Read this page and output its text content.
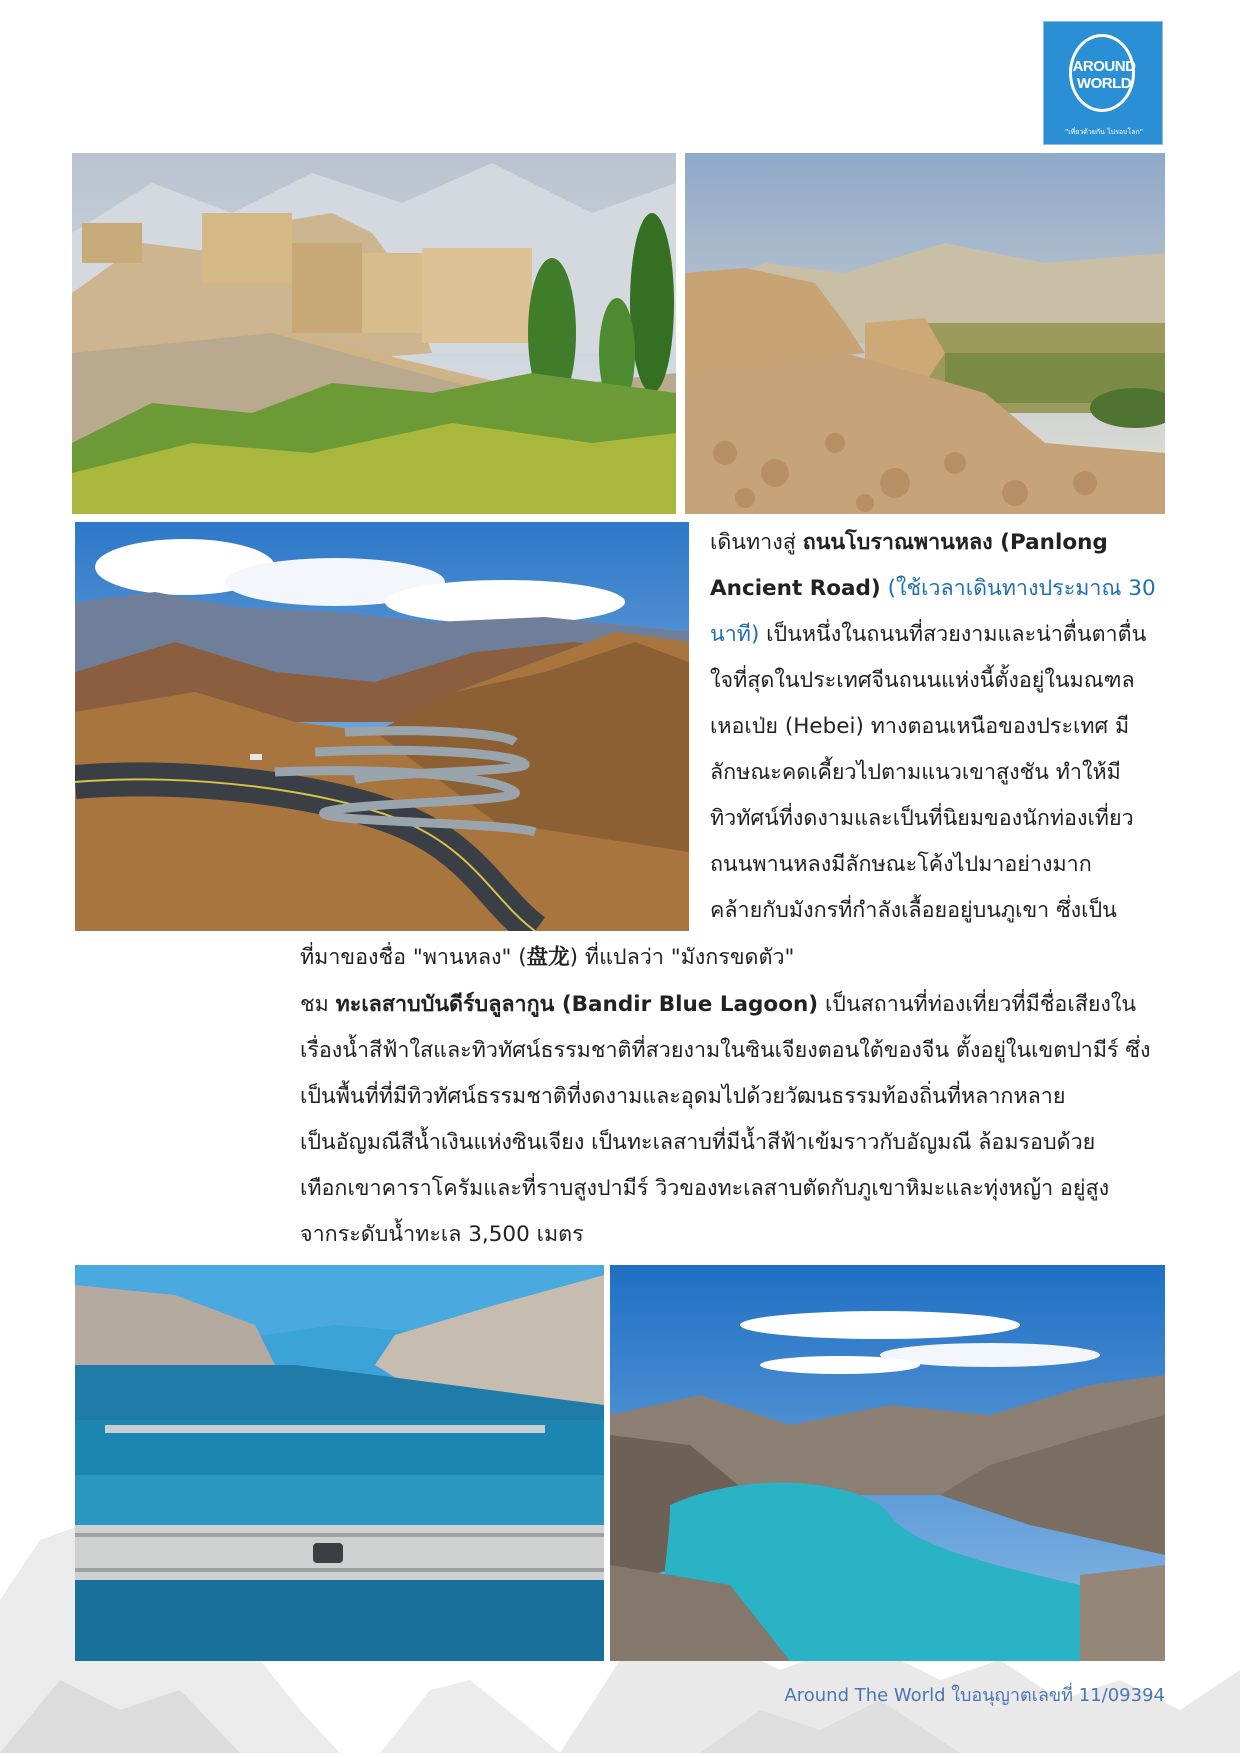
AROUND
WORLD
"เที่ยวด้วยกัน ไปรอบโลก"
เดินทางสู่ ถนนโบราณพานหลง (Panlong
Ancient Road) (ใช้เวลาเดินทางประมาณ 30
นาที) เป็นหนึ่งในถนนที่สวยงามและน่าตื่นตาตื่น
ใจที่สุดในประเทศจีนถนนแห่งนี้ตั้งอยู่ในมณฑล
เหอเป่ย (Hebei) ทางตอนเหนือของประเทศ มี
ลักษณะคดเคี้ยวไปตามแนวเขาสูงชัน ทำให้มี
ทิวทัศน์ที่งดงามและเป็นที่นิยมของนักท่องเที่ยว
ถนนพานหลงมีลักษณะโค้งไปมาอย่างมาก
คล้ายกับมังกรที่กำลังเลื้อยอยู่บนภูเขา ซึ่งเป็น
ที่มาของชื่อ "พานหลง" (盘龙) ที่แปลว่า "มังกรขดตัว"
ชม ทะเลสาบบันดีร์บลูลากูน (Bandir Blue Lagoon) เป็นสถานที่ท่องเที่ยวที่มีชื่อเสียงใน
เรื่องน้ำสีฟ้าใสและทิวทัศน์ธรรมชาติที่สวยงามในซินเจียงตอนใต้ของจีน ตั้งอยู่ในเขตปามีร์ ซึ่ง
เป็นพื้นที่ที่มีทิวทัศน์ธรรมชาติที่งดงามและอุดมไปด้วยวัฒนธรรมท้องถิ่นที่หลากหลาย
เป็นอัญมณีสีน้ำเงินแห่งซินเจียง เป็นทะเลสาบที่มีน้ำสีฟ้าเข้มราวกับอัญมณี ล้อมรอบด้วย
เทือกเขาคาราโครัมและที่ราบสูงปามีร์ วิวของทะเลสาบตัดกับภูเขาหิมะและทุ่งหญ้า อยู่สูง
จากระดับน้ำทะเล 3,500 เมตร
Around The World ใบอนุญาตเลขที่ 11/09394
